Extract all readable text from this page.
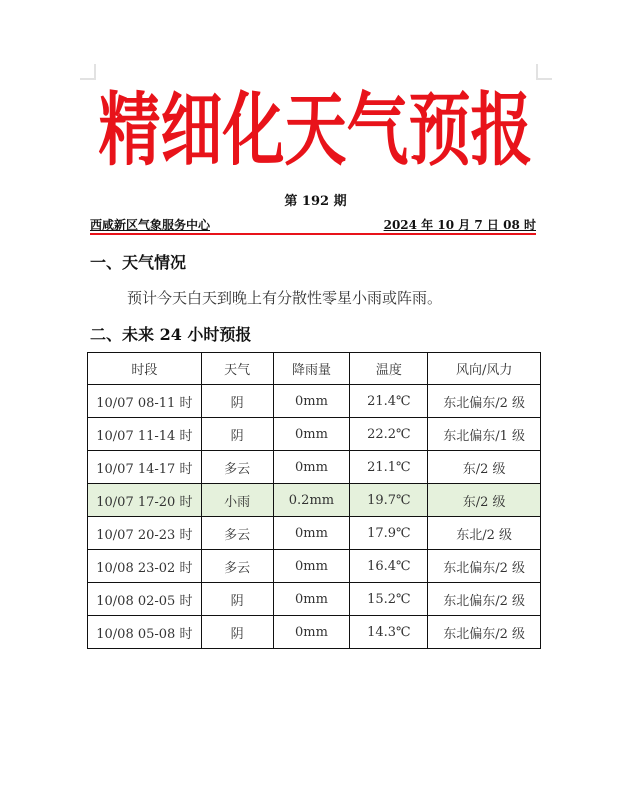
精细化天气预报
第 192 期
西咸新区气象服务中心	2024 年 10 月 7 日 08 时
一、天气情况
预计今天白天到晚上有分散性零星小雨或阵雨。
二、未来 24 小时预报
时段	天气	降雨量	温度	风向/风力
10/07 08-11 时	阴	0mm	21.4℃	东北偏东/2 级
10/07 11-14 时	阴	0mm	22.2℃	东北偏东/1 级
10/07 14-17 时	多云	0mm	21.1℃	东/2 级
10/07 17-20 时	小雨	0.2mm	19.7℃	东/2 级
10/07 20-23 时	多云	0mm	17.9℃	东北/2 级
10/08 23-02 时	多云	0mm	16.4℃	东北偏东/2 级
10/08 02-05 时	阴	0mm	15.2℃	东北偏东/2 级
10/08 05-08 时	阴	0mm	14.3℃	东北偏东/2 级
